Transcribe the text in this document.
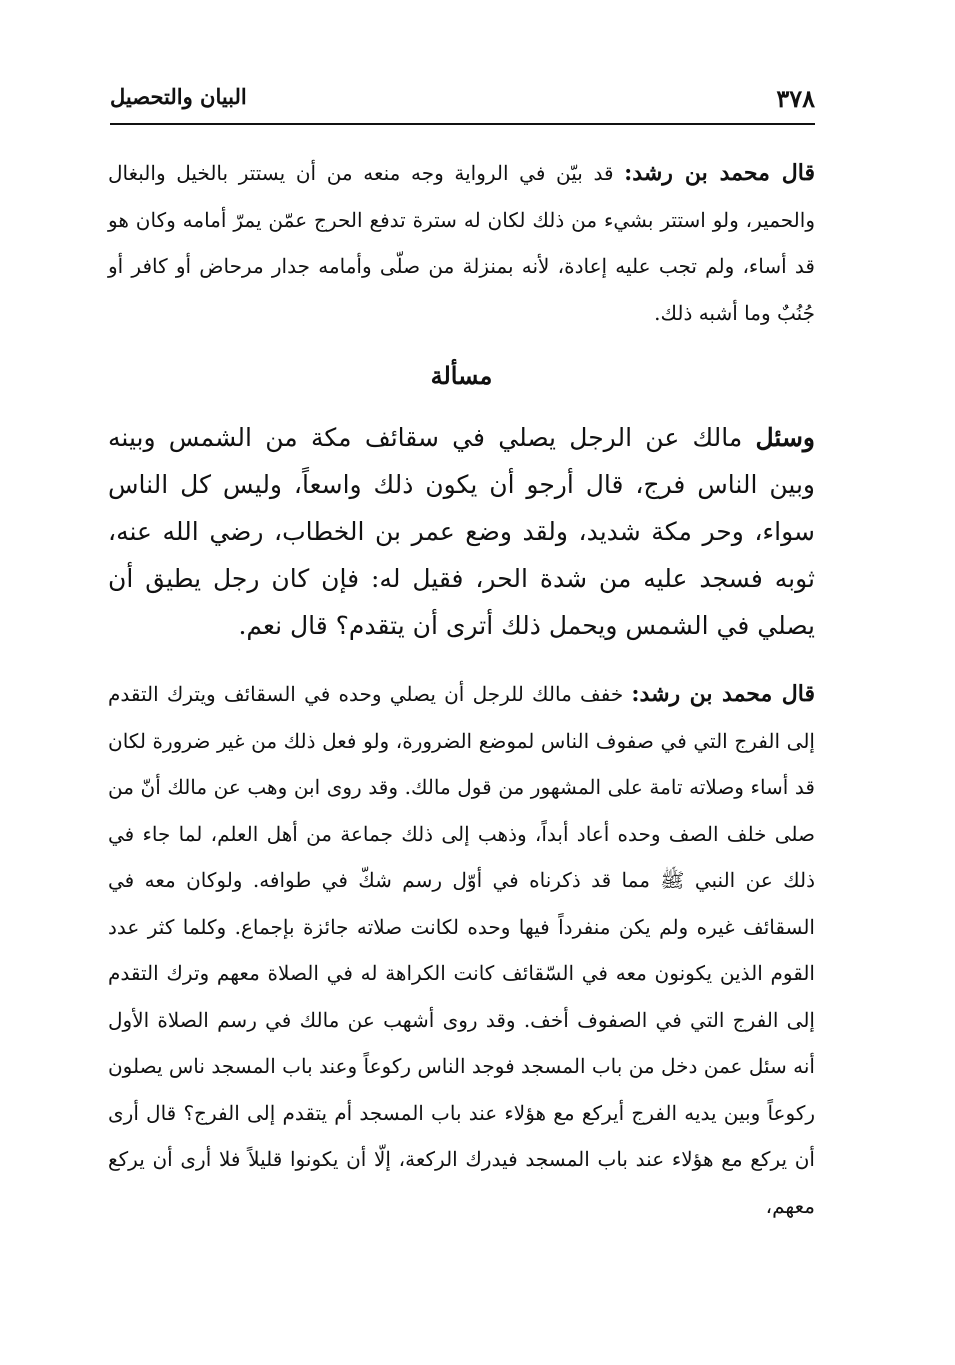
٣٧٨
البيان والتحصيل

قال محمد بن رشد: قد بيّن في الرواية وجه منعه من أن يستتر بالخيل والبغال والحمير، ولو استتر بشيء من ذلك لكان له سترة تدفع الحرج عمّن يمرّ أمامه وكان هو قد أساء، ولم تجب عليه إعادة، لأنه بمنزلة من صلّى وأمامه جدار مرحاض أو كافر أو جُنُبٌ وما أشبه ذلك.

مسألة

وسئل مالك عن الرجل يصلي في سقائف مكة من الشمس وبينه وبين الناس فرج، قال أرجو أن يكون ذلك واسعاً، وليس كل الناس سواء، وحر مكة شديد، ولقد وضع عمر بن الخطاب، رضي الله عنه، ثوبه فسجد عليه من شدة الحر، فقيل له: فإن كان رجل يطيق أن يصلي في الشمس ويحمل ذلك أترى أن يتقدم؟ قال نعم.

قال محمد بن رشد: خفف مالك للرجل أن يصلي وحده في السقائف ويترك التقدم إلى الفرج التي في صفوف الناس لموضع الضرورة، ولو فعل ذلك من غير ضرورة لكان قد أساء وصلاته تامة على المشهور من قول مالك. وقد روى ابن وهب عن مالك أنّ من صلى خلف الصف وحده أعاد أبداً، وذهب إلى ذلك جماعة من أهل العلم، لما جاء في ذلك عن النبي ﷺ مما قد ذكرناه في أوّل رسم شكّ في طوافه. ولوكان معه في السقائف غيره ولم يكن منفرداً فيها وحده لكانت صلاته جائزة بإجماع. وكلما كثر عدد القوم الذين يكونون معه في السّقائف كانت الكراهة له في الصلاة معهم وترك التقدم إلى الفرج التي في الصفوف أخف. وقد روى أشهب عن مالك في رسم الصلاة الأول أنه سئل عمن دخل من باب المسجد فوجد الناس ركوعاً وعند باب المسجد ناس يصلون ركوعاً وبين يديه الفرج أيركع مع هؤلاء عند باب المسجد أم يتقدم إلى الفرج؟ قال أرى أن يركع مع هؤلاء عند باب المسجد فيدرك الركعة، إلّا أن يكونوا قليلاً فلا أرى أن يركع معهم،
